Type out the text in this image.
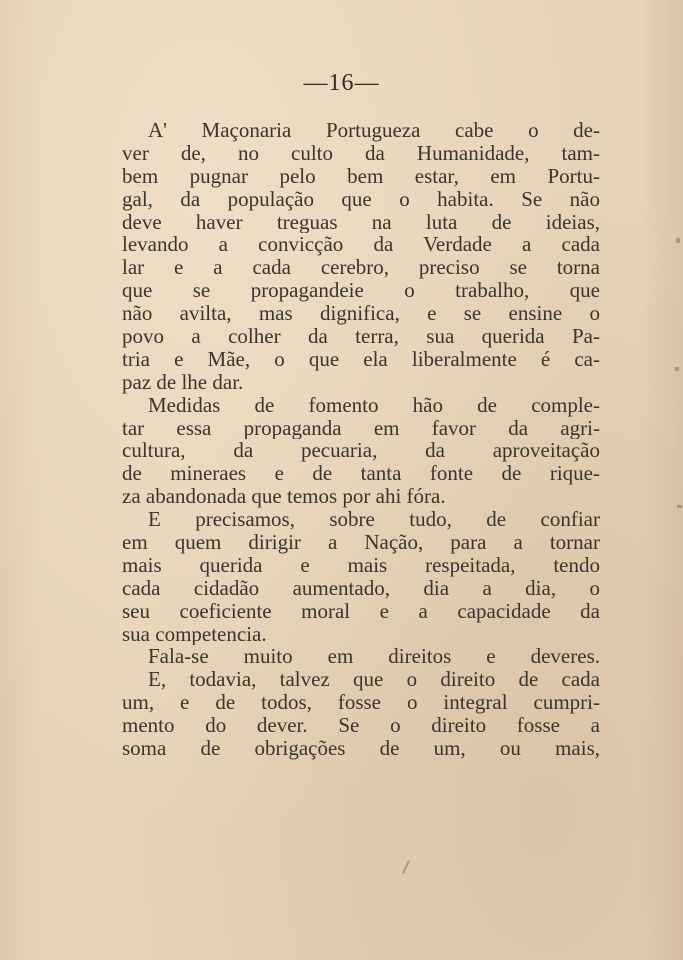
—16—
A' Maçonaria Portugueza cabe o de-
ver de, no culto da Humanidade, tam-
bem pugnar pelo bem estar, em Portu-
gal, da população que o habita. Se não
deve haver treguas na luta de ideias,
levando a convicção da Verdade a cada
lar e a cada cerebro, preciso se torna
que se propagandeie o trabalho, que
não avilta, mas dignifica, e se ensine o
povo a colher da terra, sua querida Pa-
tria e Mãe, o que ela liberalmente é ca-
paz de lhe dar.
Medidas de fomento hão de comple-
tar essa propaganda em favor da agri-
cultura, da pecuaria, da aproveitação
de mineraes e de tanta fonte de rique-
za abandonada que temos por ahi fóra.
E precisamos, sobre tudo, de confiar
em quem dirigir a Nação, para a tornar
mais querida e mais respeitada, tendo
cada cidadão aumentado, dia a dia, o
seu coeficiente moral e a capacidade da
sua competencia.
Fala-se muito em direitos e deveres.
E, todavia, talvez que o direito de cada
um, e de todos, fosse o integral cumpri-
mento do dever. Se o direito fosse a
soma de obrigações de um, ou mais,
